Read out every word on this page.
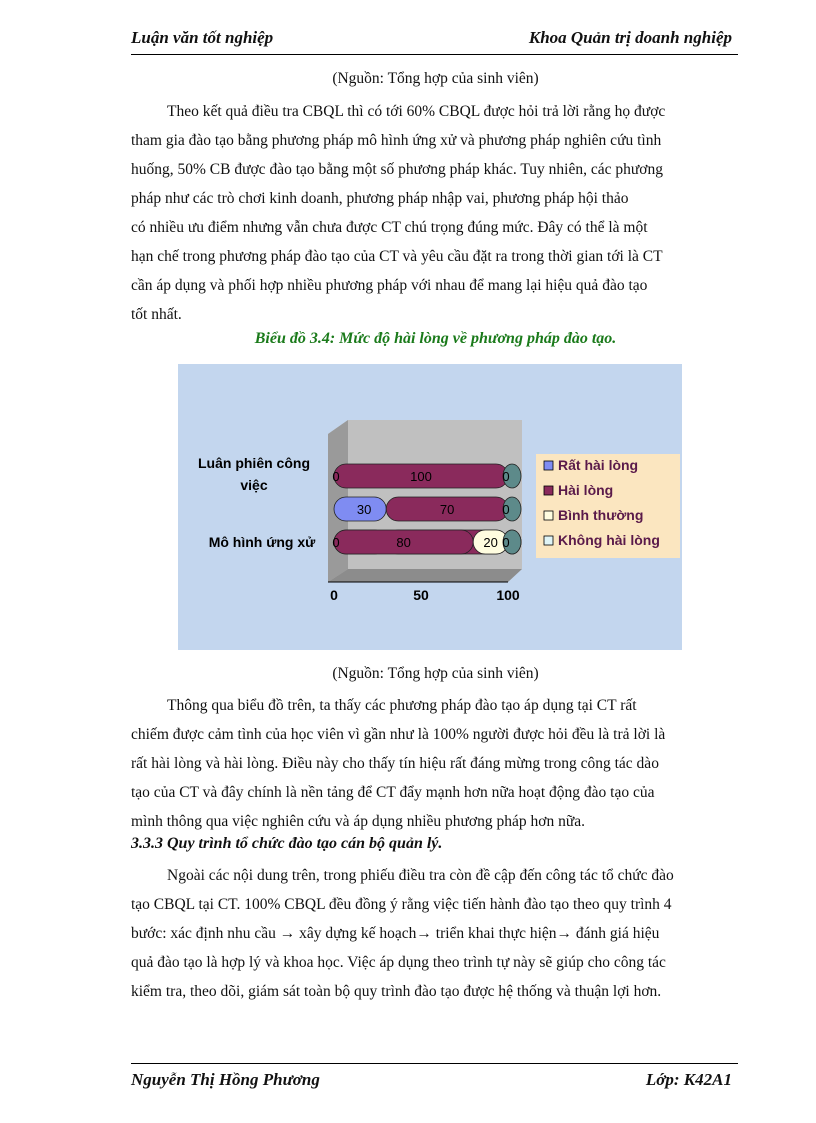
Luận văn tốt nghiệp	Khoa Quản trị doanh nghiệp
(Nguồn: Tổng hợp của sinh viên)
Theo kết quả điều tra CBQL thì có tới 60% CBQL được hỏi trả lời rằng họ được
tham gia đào tạo bằng phương pháp mô hình ứng xử và phương pháp nghiên cứu tình
huống, 50% CB được đào tạo bằng một số phương pháp khác. Tuy nhiên, các phương
pháp như các trò chơi kinh doanh, phương pháp nhập vai, phương pháp hội thảo
có nhiều ưu điểm nhưng vẫn chưa được CT chú trọng đúng mức. Đây có thể là một
hạn chế trong phương pháp đào tạo của CT và yêu cầu đặt ra trong thời gian tới là CT
cần áp dụng và phối hợp nhiều phương pháp với nhau để mang lại hiệu quả đào tạo
tốt nhất.
Biểu đồ 3.4: Mức độ hài lòng về phương pháp đào tạo.
0	50	100
Luân phiên công
việc
Mô hình ứng xử
Rất hài lòng
Hài lòng
Bình thường
Không hài lòng
0	100	0
30	70	0
0	80	20 0
(Nguồn: Tổng hợp của sinh viên)
Thông qua biểu đồ trên, ta thấy các phương pháp đào tạo áp dụng tại CT rất
chiếm được cảm tình của học viên vì gần như là 100% người được hỏi đều là trả lời là
rất hài lòng và hài lòng. Điều này cho thấy tín hiệu rất đáng mừng trong công tác dào
tạo của CT và đây chính là nền tảng để CT đẩy mạnh hơn nữa hoạt động đào tạo của
mình thông qua việc nghiên cứu và áp dụng nhiều phương pháp hơn nữa.
3.3.3 Quy trình tổ chức đào tạo cán bộ quản lý.
Ngoài các nội dung trên, trong phiếu điều tra còn đề cập đến công tác tổ chức đào
tạo CBQL tại CT. 100% CBQL đều đồng ý rằng việc tiến hành đào tạo theo quy trình 4
bước: xác định nhu cầu → xây dựng kế hoạch→ triển khai thực hiện→ đánh giá hiệu
quả đào tạo là hợp lý và khoa học. Việc áp dụng theo trình tự này sẽ giúp cho công tác
kiểm tra, theo dõi, giám sát toàn bộ quy trình đào tạo được hệ thống và thuận lợi hơn.
Nguyễn Thị Hồng Phương	Lớp: K42A1
